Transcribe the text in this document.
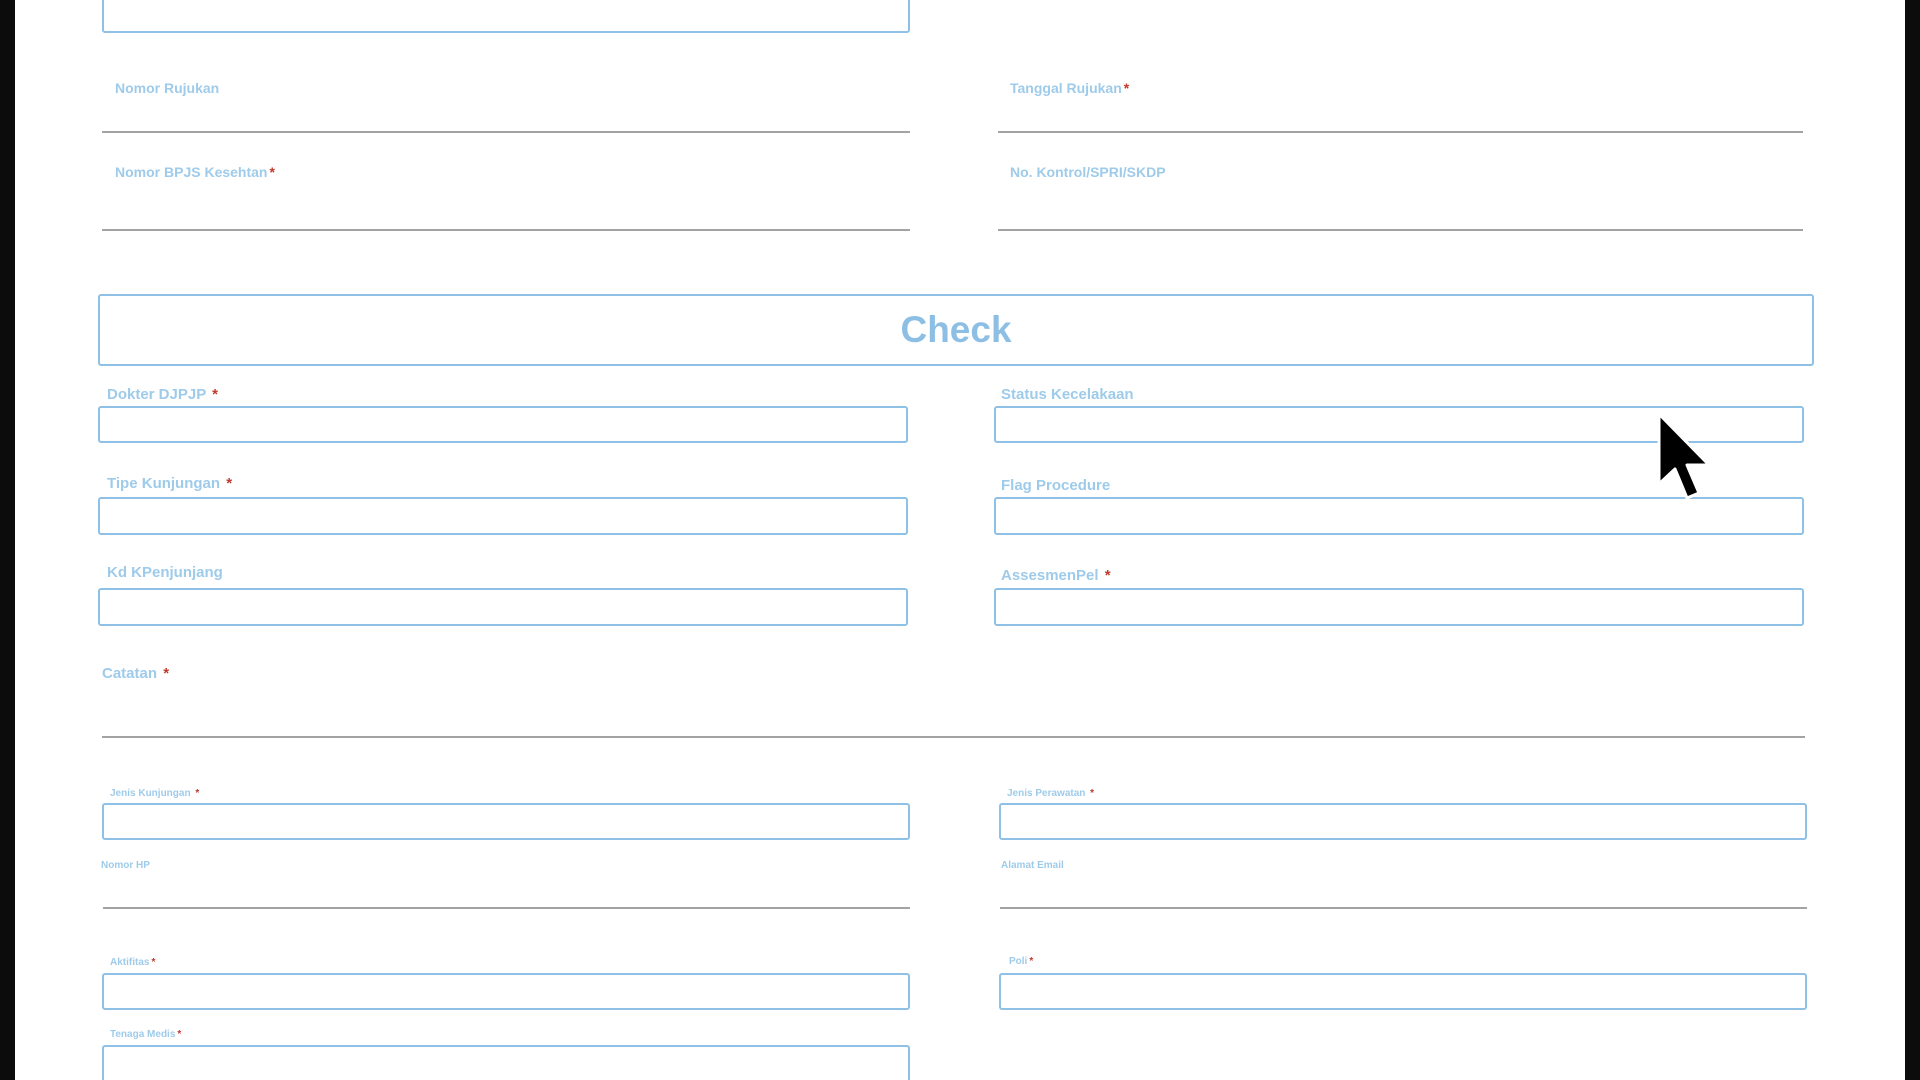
Nomor Rujukan	Tanggal Rujukan *
Nomor BPJS Kesehtan *	No. Kontrol/SPRI/SKDP
Check
Dokter DJPJP *	Status Kecelakaan
Tipe Kunjungan *	Flag Procedure
Kd KPenjunjang	AssesmenPel *
Catatan *
Jenis Kunjungan *	Jenis Perawatan *
Nomor HP	Alamat Email
Aktifitas *	Poli *
Tenaga Medis *
